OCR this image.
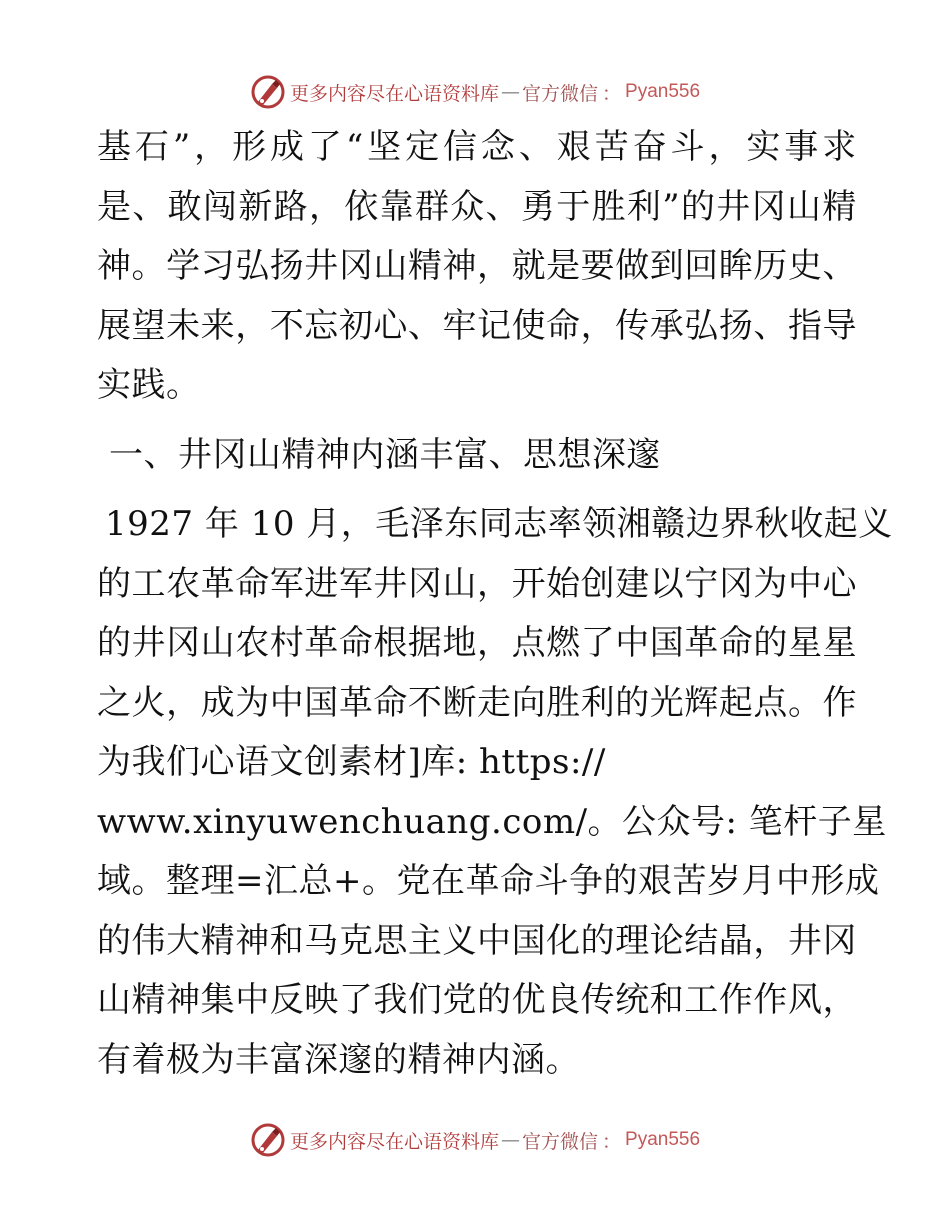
更多内容尽在心语资料库 — 官方微信 ： Pyan556
基 石 ” ， 形 成 了 “ 坚 定 信 念 、 艰 苦 奋 斗 ， 实 事 求
是 、 敢 闯 新 路 ， 依 靠 群 众 、 勇 于 胜 利 ” 的 井 冈 山 精
神 。 学 习 弘 扬 井 冈 山 精 神 ， 就 是 要 做 到 回 眸 历 史 、
展 望 未 来 ， 不 忘 初 心 、 牢 记 使 命 ， 传 承 弘 扬 、 指 导
实践。
一、井冈山精神内涵丰富、思想深邃
1 9 2 7
年
1 0
月 ， 毛 泽 东 同 志 率 领 湘 赣 边 界 秋 收 起 义
的 工 农 革 命 军 进 军 井 冈 山 ， 开 始 创 建 以 宁 冈 为 中 心
的 井 冈 山 农 村 革 命 根 据 地 ， 点 燃 了 中 国 革 命 的 星 星
之 火 ， 成 为 中 国 革 命 不 断 走 向 胜 利 的 光 辉 起 点 。 作
为我们心语文创素材]库: https://
www.xinyuwenchuang.com/。公众号: 笔杆子星
域 。 整 理 = 汇 总 + 。 党 在 革 命 斗 争 的 艰 苦 岁 月 中 形 成
的 伟 大 精 神 和 马 克 思 主 义 中 国 化 的 理 论 结 晶 ， 井 冈
山 精 神 集 中 反 映 了 我 们 党 的 优 良 传 统 和 工 作 作 风 ，
有着极为丰富深邃的精神内涵。
更多内容尽在心语资料库 — 官方微信 ： Pyan556
